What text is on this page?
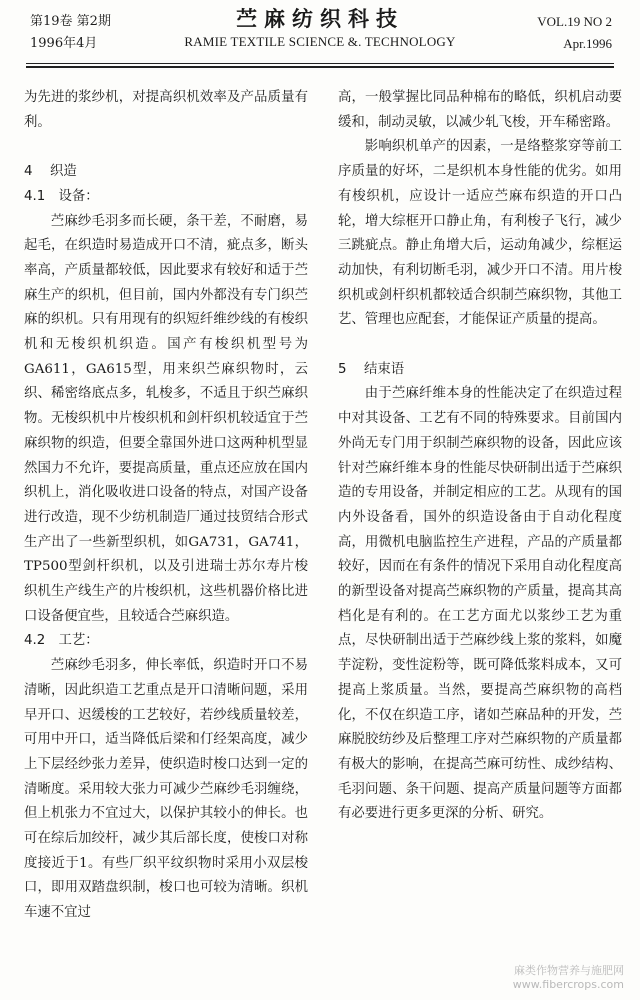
第19卷 第2期
1996年4月
苎麻纺织科技
RAMIE TEXTILE SCIENCE &. TECHNOLOGY
VOL.19 NO 2
Apr.1996

为先进的浆纱机，对提高织机效率及产品质量有利。

4 织造

4.1 设备：

苎麻纱毛羽多而长硬，条干差，不耐磨，易起毛，在织造时易造成开口不清，疵点多，断头率高，产质量都较低，因此要求有较好和适于苎麻生产的织机，但目前，国内外都没有专门织苎麻的织机。只有用现有的织短纤维纱线的有梭织机和无梭织机织造。国产有梭织机型号为GA611，GA615型，用来织苎麻织物时，云织、稀密络底点多，轧梭多，不适且于织苎麻织物。无梭织机中片梭织机和剑杆织机较适宜于苎麻织物的织造，但要全靠国外进口这两种机型显然国力不允许，要提高质量，重点还应放在国内织机上，消化吸收进口设备的特点，对国产设备进行改造，现不少纺机制造厂通过技贸结合形式生产出了一些新型织机，如GA731，GA741，TP500型剑杆织机，以及引进瑞士苏尔寿片梭织机生产线生产的片梭织机，这些机器价格比进口设备便宜些，且较适合苎麻织造。

4.2 工艺：

苎麻纱毛羽多，伸长率低，织造时开口不易清晰，因此织造工艺重点是开口清晰问题，采用早开口、迟缓梭的工艺较好，若纱线质量较差，可用中开口，适当降低后梁和仃经架高度，减少上下层经纱张力差异，使织造时梭口达到一定的清晰度。采用较大张力可减少苎麻纱毛羽缠绕，但上机张力不宜过大，以保护其较小的伸长。也可在综后加绞杆，减少其后部长度，使梭口对称度接近于1。有些厂织平纹织物时采用小双层梭口，即用双踏盘织制，梭口也可较为清晰。织机车速不宜过

高，一般掌握比同品种棉布的略低，织机启动要缓和，制动灵敏，以减少轧飞梭，开车稀密路。

影响织机单产的因素，一是络整浆穿等前工序质量的好坏，二是织机本身性能的优劣。如用有梭织机，应设计一适应苎麻布织造的开口凸轮，增大综框开口静止角，有利梭子飞行，减少三跳疵点。静止角增大后，运动角减少，综框运动加快，有利切断毛羽，减少开口不清。用片梭织机或剑杆织机都较适合织制苎麻织物，其他工艺、管理也应配套，才能保证产质量的提高。

5 结束语

由于苎麻纤维本身的性能决定了在织造过程中对其设备、工艺有不同的特殊要求。目前国内外尚无专门用于织制苎麻织物的设备，因此应该针对苎麻纤维本身的性能尽快研制出适于苎麻织造的专用设备，并制定相应的工艺。从现有的国内外设备看，国外的织造设备由于自动化程度高，用微机电脑监控生产进程，产品的产质量都较好，因而在有条件的情况下采用自动化程度高的新型设备对提高苎麻织物的产质量，提高其高档化是有利的。在工艺方面尤以浆纱工艺为重点，尽快研制出适于苎麻纱线上浆的浆料，如魔芋淀粉，变性淀粉等，既可降低浆料成本，又可提高上浆质量。当然，要提高苎麻织物的高档化，不仅在织造工序，诸如苎麻品种的开发，苎麻脱胶纺纱及后整理工序对苎麻织物的产质量都有极大的影响，在提高苎麻可纺性、成纱结构、毛羽问题、条干问题、提高产质量问题等方面都有必要进行更多更深的分析、研究。

麻类作物营养与施肥网
www.fibercrops.com
